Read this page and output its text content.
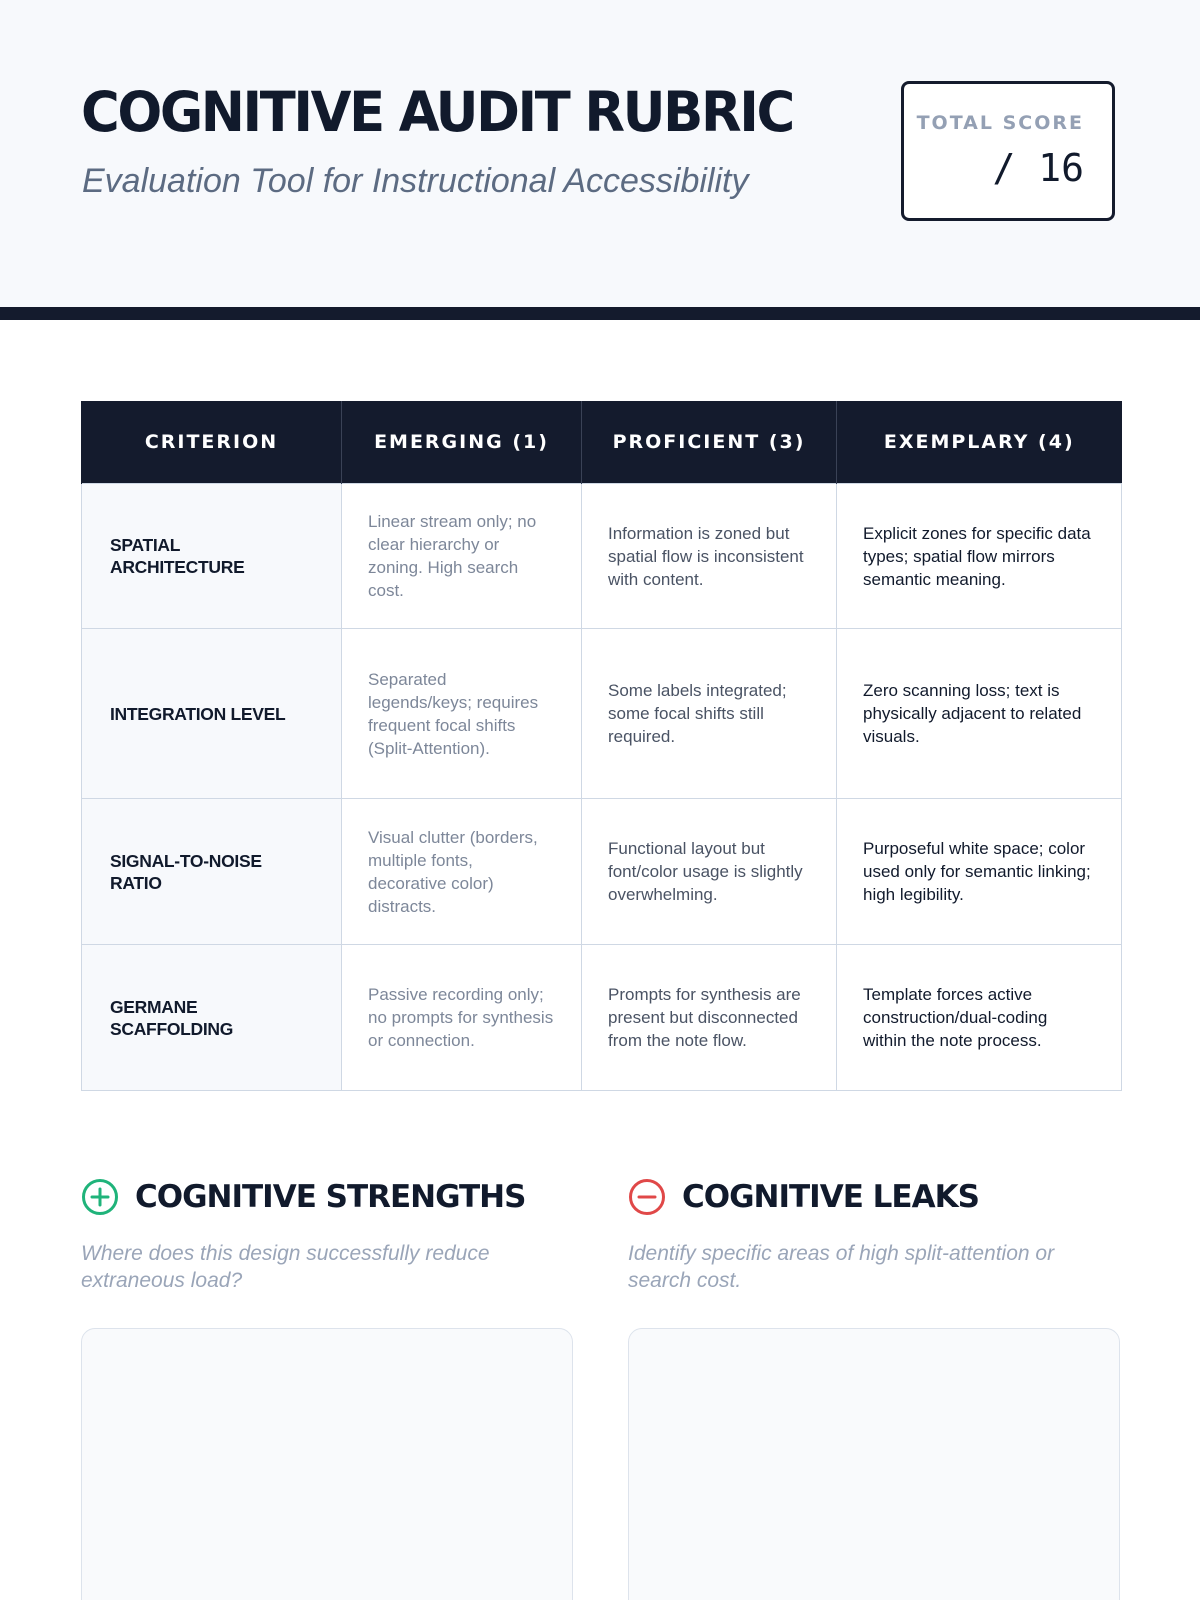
COGNITIVE AUDIT RUBRIC

Evaluation Tool for Instructional Accessibility

TOTAL SCORE
/ 16
CRITERION	EMERGING (1)	PROFICIENT (3)	EXEMPLARY (4)
SPATIAL ARCHITECTURE	Linear stream only; no clear hierarchy or zoning. High search cost.	Information is zoned but spatial flow is inconsistent with content.	Explicit zones for specific data types; spatial flow mirrors semantic meaning.
INTEGRATION LEVEL	Separated legends/keys; requires frequent focal shifts (Split-Attention).	Some labels integrated; some focal shifts still required.	Zero scanning loss; text is physically adjacent to related visuals.
SIGNAL-TO-NOISE RATIO	Visual clutter (borders, multiple fonts, decorative color) distracts.	Functional layout but font/color usage is slightly overwhelming.	Purposeful white space; color used only for semantic linking; high legibility.
GERMANE SCAFFOLDING	Passive recording only; no prompts for synthesis or connection.	Prompts for synthesis are present but disconnected from the note flow.	Template forces active construction/dual-coding within the note process.
COGNITIVE STRENGTHS
Where does this design successfully reduce extraneous load?
COGNITIVE LEAKS
Identify specific areas of high split-attention or search cost.
